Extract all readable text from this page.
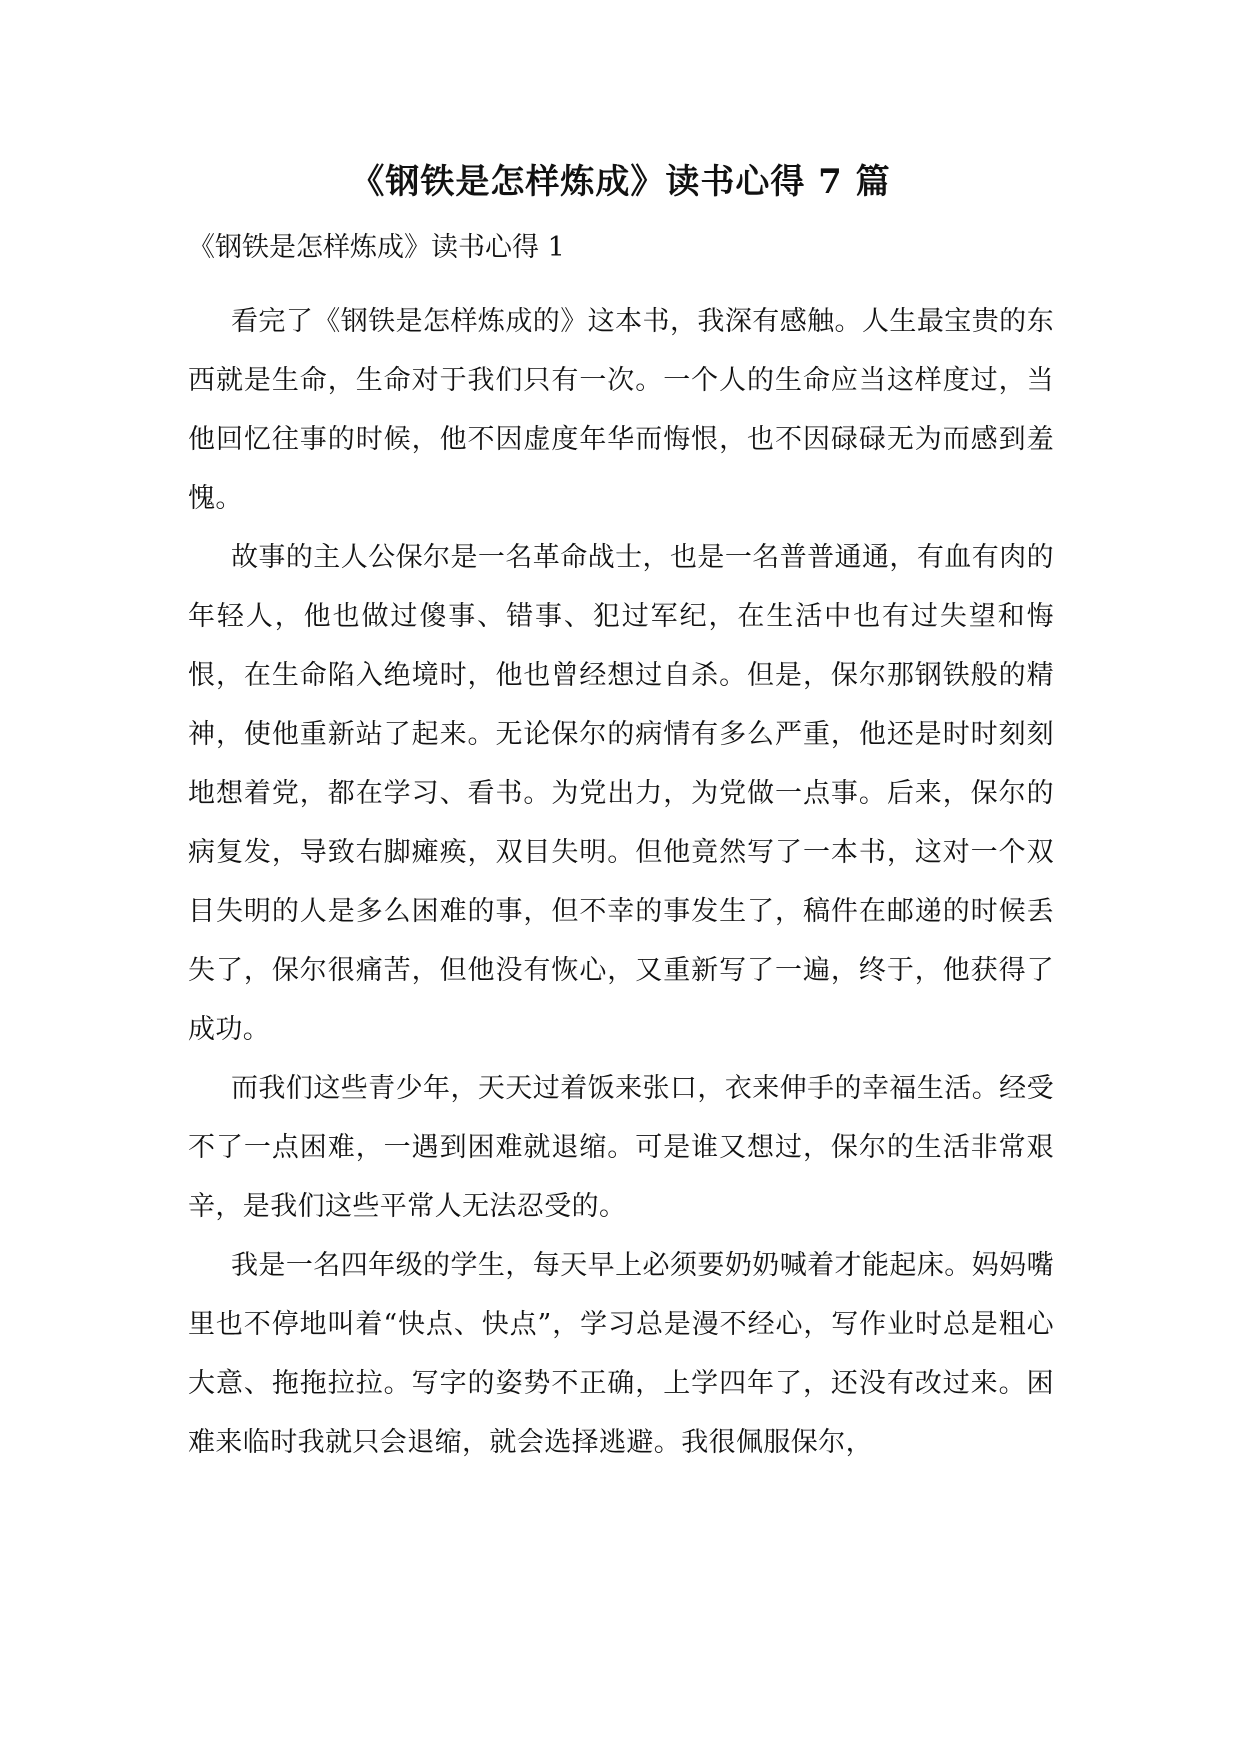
《钢铁是怎样炼成》读书心得 7 篇

《钢铁是怎样炼成》读书心得 1

看完了《钢铁是怎样炼成的》这本书，我深有感触。人生最宝贵的东西就是生命，生命对于我们只有一次。一个人的生命应当这样度过，当他回忆往事的时候，他不因虚度年华而悔恨，也不因碌碌无为而感到羞愧。

故事的主人公保尔是一名革命战士，也是一名普普通通，有血有肉的年轻人，他也做过傻事、错事、犯过军纪，在生活中也有过失望和悔恨，在生命陷入绝境时，他也曾经想过自杀。但是，保尔那钢铁般的精神，使他重新站了起来。无论保尔的病情有多么严重，他还是时时刻刻地想着党，都在学习、看书。为党出力，为党做一点事。后来，保尔的病复发，导致右脚瘫痪，双目失明。但他竟然写了一本书，这对一个双目失明的人是多么困难的事，但不幸的事发生了，稿件在邮递的时候丢失了，保尔很痛苦，但他没有恢心，又重新写了一遍，终于，他获得了成功。

而我们这些青少年，天天过着饭来张口，衣来伸手的幸福生活。经受不了一点困难，一遇到困难就退缩。可是谁又想过，保尔的生活非常艰辛，是我们这些平常人无法忍受的。

我是一名四年级的学生，每天早上必须要奶奶喊着才能起床。妈妈嘴里也不停地叫着“快点、快点”，学习总是漫不经心，写作业时总是粗心大意、拖拖拉拉。写字的姿势不正确，上学四年了，还没有改过来。困难来临时我就只会退缩，就会选择逃避。我很佩服保尔，
